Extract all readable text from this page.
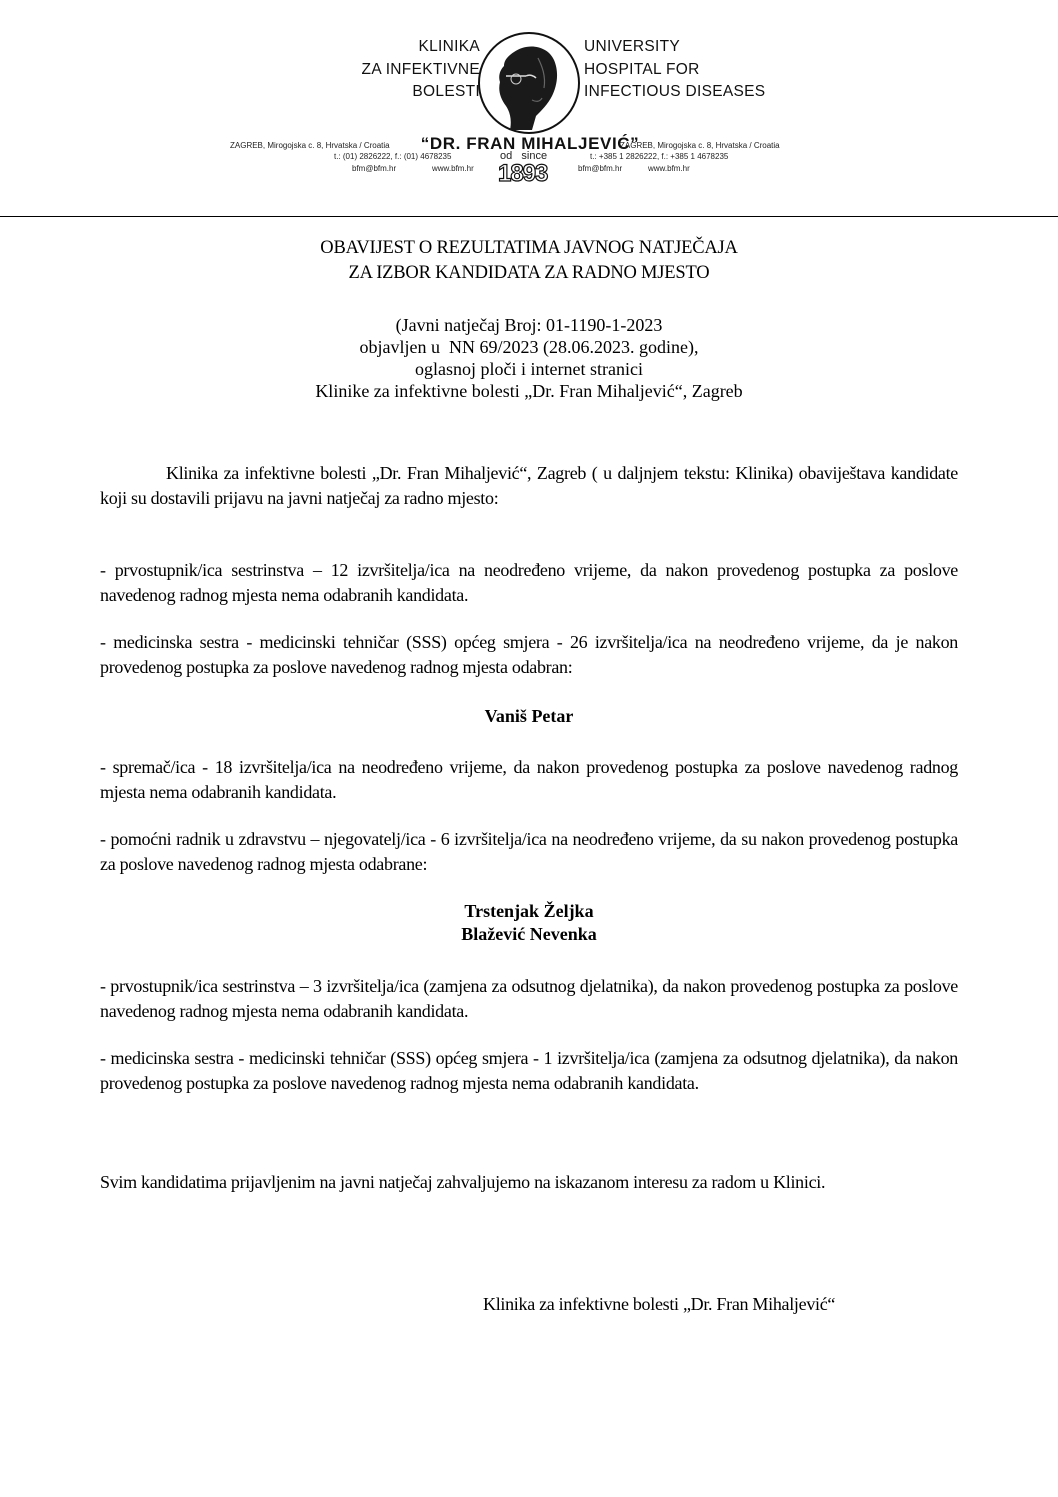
KLINIKA
ZA INFEKTIVNE
BOLESTI
UNIVERSITY
HOSPITAL FOR
INFECTIOUS DISEASES
“DR. FRAN MIHALJEVIĆ”
ZAGREB, Mirogojska c. 8, Hrvatska / Croatia
t.: (01) 2826222, f.: (01) 4678235
bfm@bfm.hr	www.bfm.hr
ZAGREB, Mirogojska c. 8, Hrvatska / Croatia
t.: +385 1 2826222, f.: +385 1 4678235
bfm@bfm.hr	www.bfm.hr
od   since
1893
OBAVIJEST O REZULTATIMA JAVNOG NATJEČAJA
ZA IZBOR KANDIDATA ZA RADNO MJESTO
(Javni natječaj Broj: 01-1190-1-2023
objavljen u  NN 69/2023 (28.06.2023. godine),
oglasnoj ploči i internet stranici
Klinike za infektivne bolesti „Dr. Fran Mihaljević“, Zagreb
Klinika za infektivne bolesti „Dr. Fran Mihaljević“, Zagreb ( u daljnjem tekstu: Klinika) obaviještava kandidate koji su dostavili prijavu na javni natječaj za radno mjesto:
- prvostupnik/ica sestrinstva – 12 izvršitelja/ica na neodređeno vrijeme, da nakon provedenog postupka za poslove navedenog radnog mjesta nema odabranih kandidata.
- medicinska sestra - medicinski tehničar (SSS) općeg smjera - 26 izvršitelja/ica na neodređeno vrijeme, da je nakon provedenog postupka za poslove navedenog radnog mjesta odabran:
Vaniš Petar
- spremač/ica - 18 izvršitelja/ica na neodređeno vrijeme, da nakon provedenog postupka za poslove navedenog radnog mjesta nema odabranih kandidata.
- pomoćni radnik u zdravstvu – njegovatelj/ica - 6 izvršitelja/ica na neodređeno vrijeme, da su nakon provedenog postupka za poslove navedenog radnog mjesta odabrane:
Trstenjak Željka
Blažević Nevenka
- prvostupnik/ica sestrinstva – 3 izvršitelja/ica (zamjena za odsutnog djelatnika), da nakon provedenog postupka za poslove navedenog radnog mjesta nema odabranih kandidata.
- medicinska sestra - medicinski tehničar (SSS) općeg smjera - 1 izvršitelja/ica (zamjena za odsutnog djelatnika), da nakon provedenog postupka za poslove navedenog radnog mjesta nema odabranih kandidata.
Svim kandidatima prijavljenim na javni natječaj zahvaljujemo na iskazanom interesu za radom u Klinici.
Klinika za infektivne bolesti „Dr. Fran Mihaljević“
